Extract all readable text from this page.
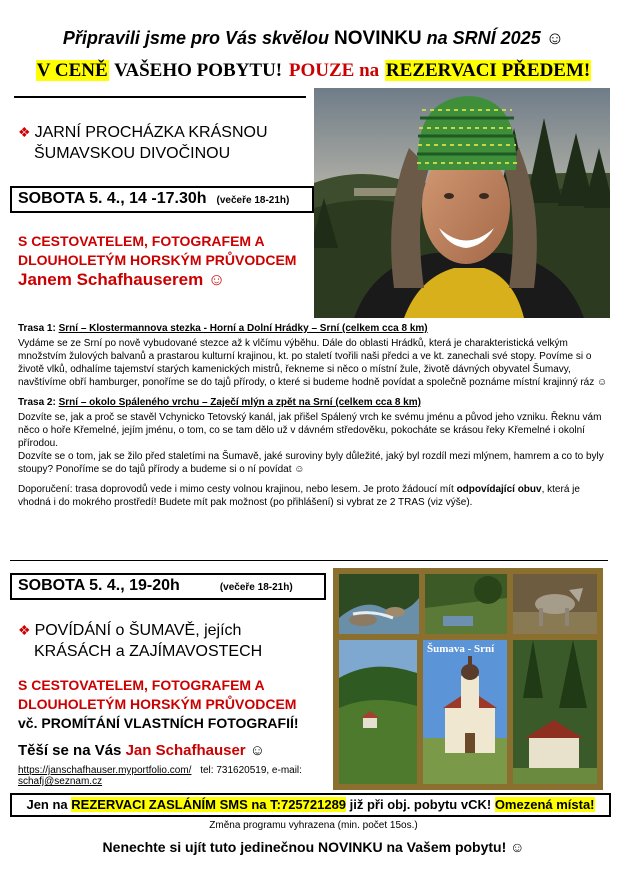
Připravili jsme pro Vás skvělou NOVINKU na SRNÍ 2025 ☺
V CENĚ VAŠEHO POBYTU! POUZE na REZERVACI PŘEDEM!
❖ JARNÍ PROCHÁZKA KRÁSNOU
ŠUMAVSKOU DIVOČINOU
SOBOTA 5. 4., 14 -17.30h (večeře 18-21h)
S CESTOVATELEM, FOTOGRAFEM A
DLOUHOLETÝM HORSKÝM PRŮVODCEM
Janem Schafhauserem ☺

Trasa 1: Srní – Klostermannova stezka - Horní a Dolní Hrádky – Srní (celkem cca 8 km)

Vydáme se ze Srní po nově vybudované stezce až k vlčímu výběhu. Dále do oblasti Hrádků, která je charakteristická velkým množstvím žulových balvanů a prastarou kulturní krajinou, kt. po staletí tvořili naši předci a ve kt. zanechali své stopy. Povíme si o životě vlků, odhalíme tajemství starých kamenických mistrů, řekneme si něco o místní žule, životě dávných obyvatel Šumavy, navštívíme obří hamburger, ponoříme se do tajů přírody, o které si budeme hodně povídat a společně poznáme místní krajinný ráz ☺

Trasa 2: Srní – okolo Spáleného vrchu – Zaječí mlýn a zpět na Srní (celkem cca 8 km)

Dozvíte se, jak a proč se stavěl Vchynicko Tetovský kanál, jak přišel Spálený vrch ke svému jménu a původ jeho vzniku. Řeknu vám něco o hoře Křemelné, jejím jménu, o tom, co se tam dělo už v dávném středověku, pokocháte se krásou řeky Křemelné i okolní přírodou.

Dozvíte se o tom, jak se žilo před staletími na Šumavě, jaké suroviny byly důležité, jaký byl rozdíl mezi mlýnem, hamrem a co to byly stoupy? Ponoříme se do tajů přírody a budeme si o ní povídat ☺

Doporučení: trasa doprovodů vede i mimo cesty volnou krajinou, nebo lesem. Je proto žádoucí mít odpovídající obuv, která je vhodná i do mokrého prostředí! Budete mít pak možnost (po přihlášení) si vybrat ze 2 TRAS (viz výše).

SOBOTA 5. 4., 19-20h	(večeře 18-21h)
Šumava - Srní
❖ POVÍDÁNÍ o ŠUMAVĚ, jejích
KRÁSÁCH a ZAJÍMAVOSTECH
S CESTOVATELEM, FOTOGRAFEM A
DLOUHOLETÝM HORSKÝM PRŮVODCEM
vč. PROMÍTÁNÍ VLASTNÍCH FOTOGRAFIÍ!
Těší se na Vás Jan Schafhauser ☺
https://janschafhauser.myportfolio.com/ tel: 731620519, e-mail: schafj@seznam.cz
Jen na REZERVACI ZASLÁNÍM SMS na T:725721289 již při obj. pobytu vCK! Omezená místa!
Změna programu vyhrazena (min. počet 15os.)
Nenechte si ujít tuto jedinečnou NOVINKU na Vašem pobytu! ☺
